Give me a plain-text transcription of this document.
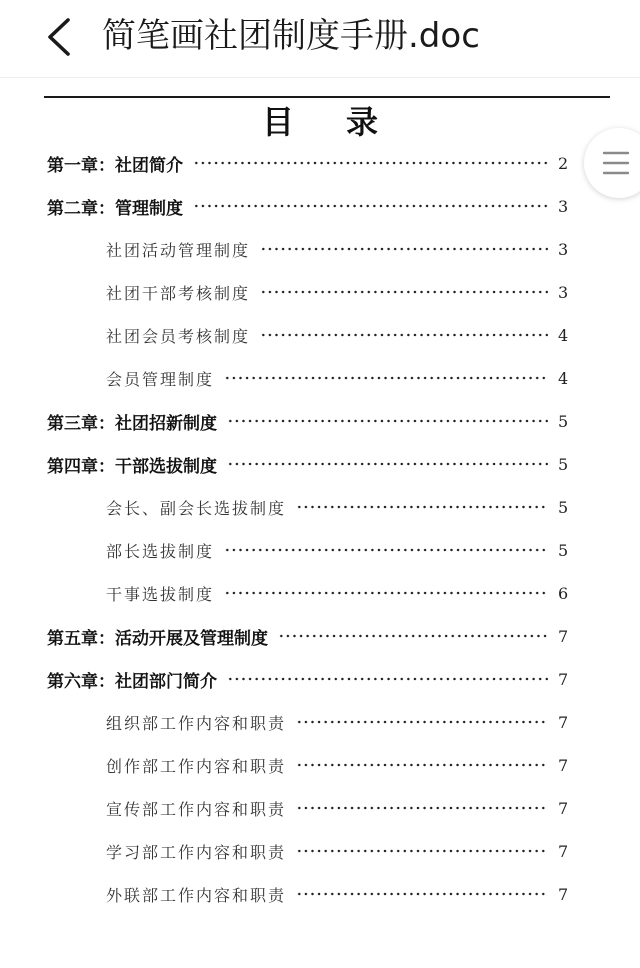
简笔画社团制度手册.doc
目录
第一章：社团简介	2
第二章：管理制度	3
社团活动管理制度	3
社团干部考核制度	3
社团会员考核制度	4
会员管理制度	4
第三章：社团招新制度	5
第四章：干部选拔制度	5
会长、副会长选拔制度	5
部长选拔制度	5
干事选拔制度	6
第五章：活动开展及管理制度	7
第六章：社团部门简介	7
组织部工作内容和职责	7
创作部工作内容和职责	7
宣传部工作内容和职责	7
学习部工作内容和职责	7
外联部工作内容和职责	7
